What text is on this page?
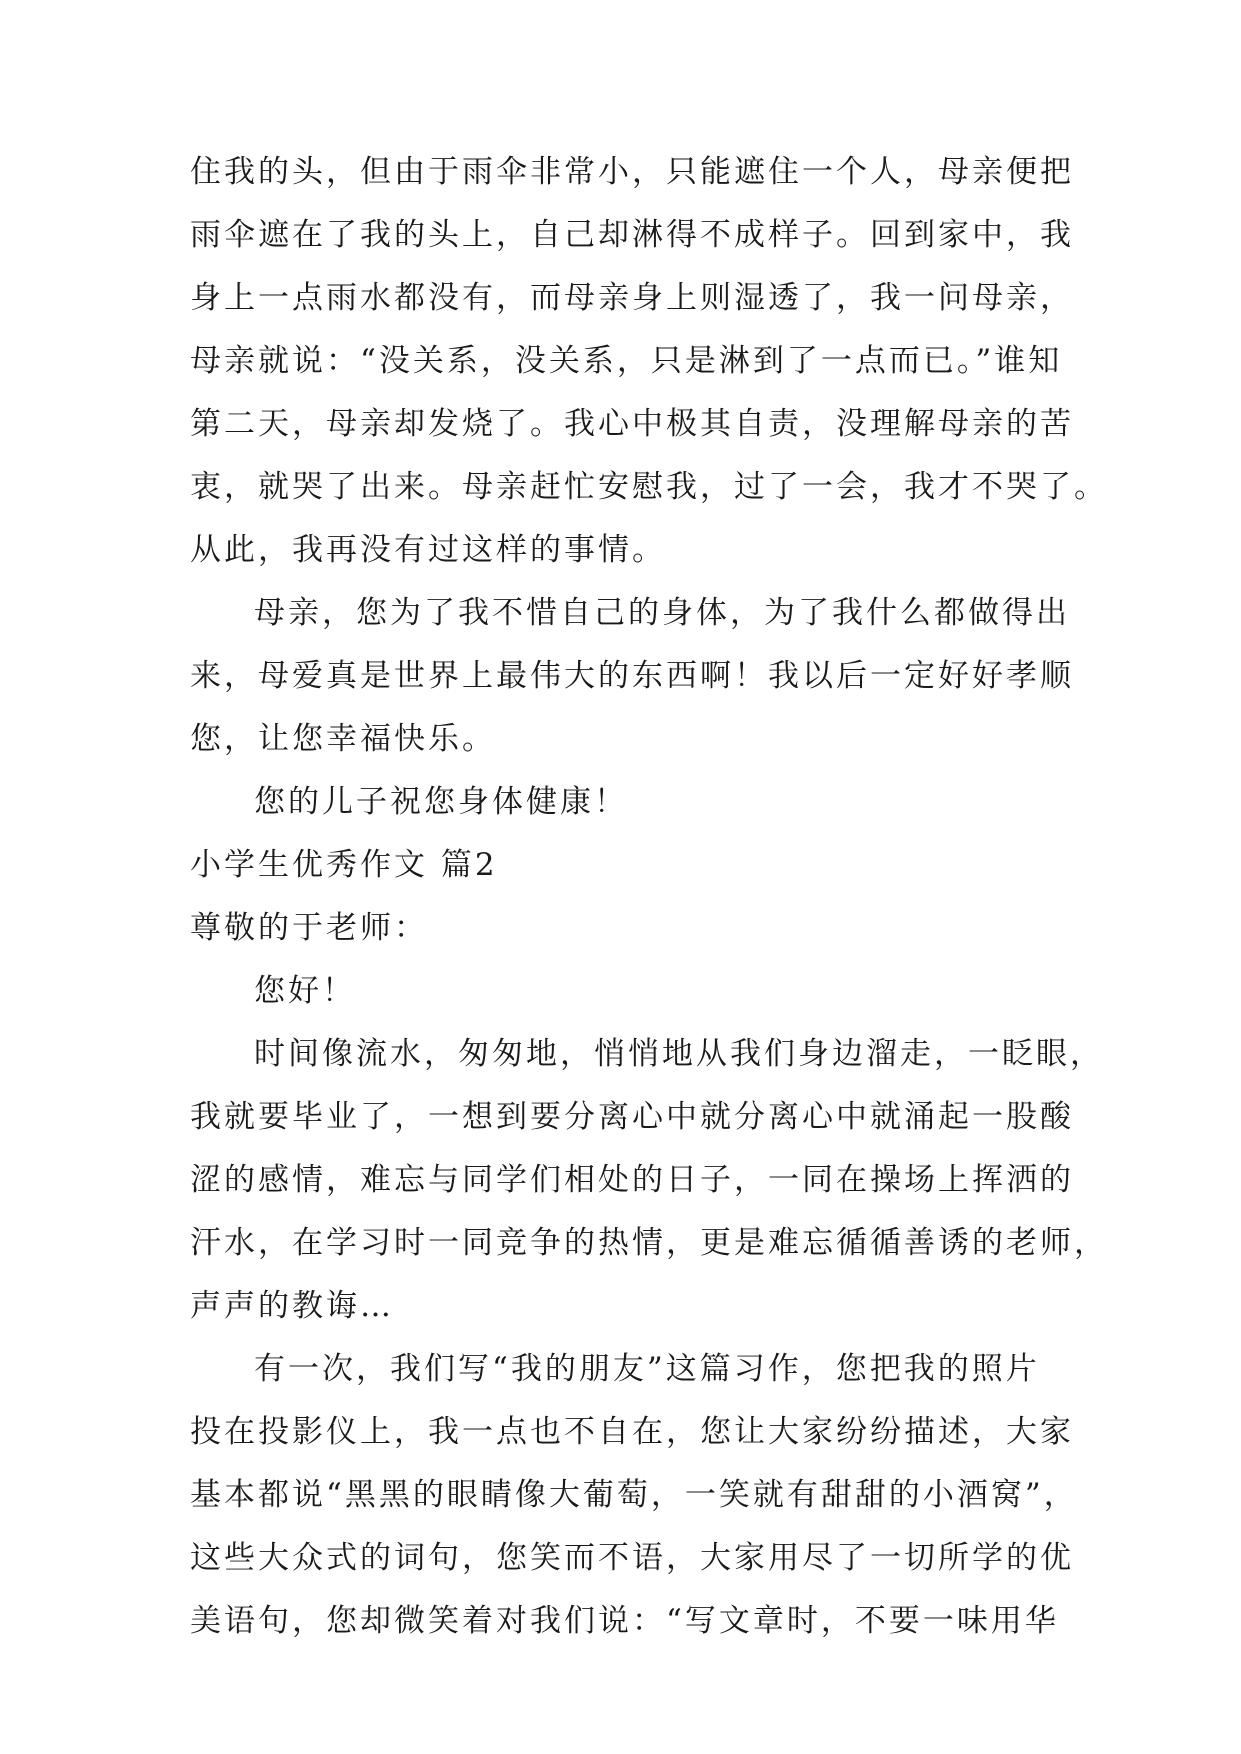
住我的头，但由于雨伞非常小，只能遮住一个人，母亲便把
雨伞遮在了我的头上，自己却淋得不成样子。回到家中，我
身上一点雨水都没有，而母亲身上则湿透了，我一问母亲，
母亲就说：“没关系，没关系，只是淋到了一点而已。”谁知
第二天，母亲却发烧了。我心中极其自责，没理解母亲的苦
衷，就哭了出来。母亲赶忙安慰我，过了一会，我才不哭了。
从此，我再没有过这样的事情。
母亲，您为了我不惜自己的身体，为了我什么都做得出
来，母爱真是世界上最伟大的东西啊！我以后一定好好孝顺
您，让您幸福快乐。
您的儿子祝您身体健康！
小学生优秀作文 篇2
尊敬的于老师：
您好！
时间像流水，匆匆地，悄悄地从我们身边溜走，一眨眼，
我就要毕业了，一想到要分离心中就分离心中就涌起一股酸
涩的感情，难忘与同学们相处的日子，一同在操场上挥洒的
汗水，在学习时一同竞争的热情，更是难忘循循善诱的老师，
声声的教诲…
有一次，我们写“我的朋友”这篇习作，您把我的照片
投在投影仪上，我一点也不自在，您让大家纷纷描述，大家
基本都说“黑黑的眼睛像大葡萄，一笑就有甜甜的小酒窝”，
这些大众式的词句，您笑而不语，大家用尽了一切所学的优
美语句，您却微笑着对我们说：“写文章时，不要一味用华
